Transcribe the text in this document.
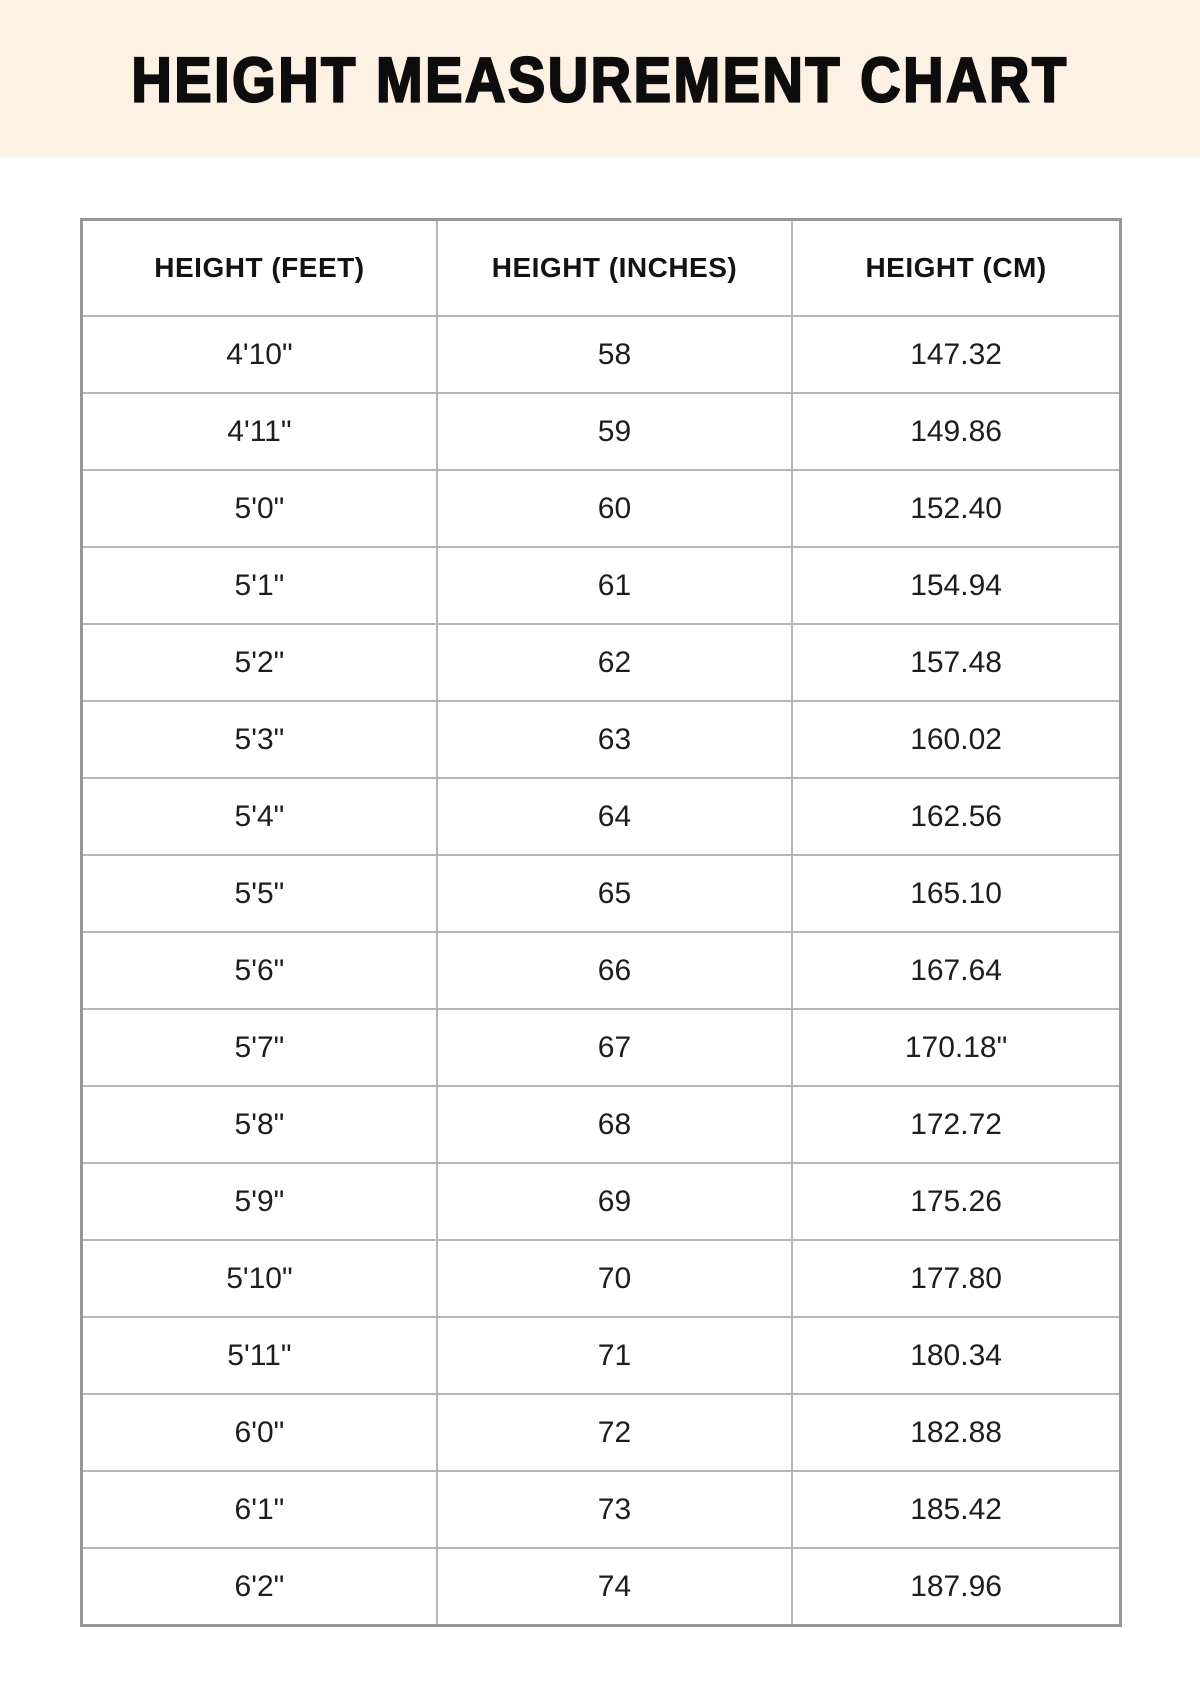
HEIGHT MEASUREMENT CHART
HEIGHT (FEET)	HEIGHT (INCHES)	HEIGHT (CM)
4'10"	58	147.32
4'11"	59	149.86
5'0"	60	152.40
5'1"	61	154.94
5'2"	62	157.48
5'3"	63	160.02
5'4"	64	162.56
5'5"	65	165.10
5'6"	66	167.64
5'7"	67	170.18"
5'8"	68	172.72
5'9"	69	175.26
5'10"	70	177.80
5'11"	71	180.34
6'0"	72	182.88
6'1"	73	185.42
6'2"	74	187.96
